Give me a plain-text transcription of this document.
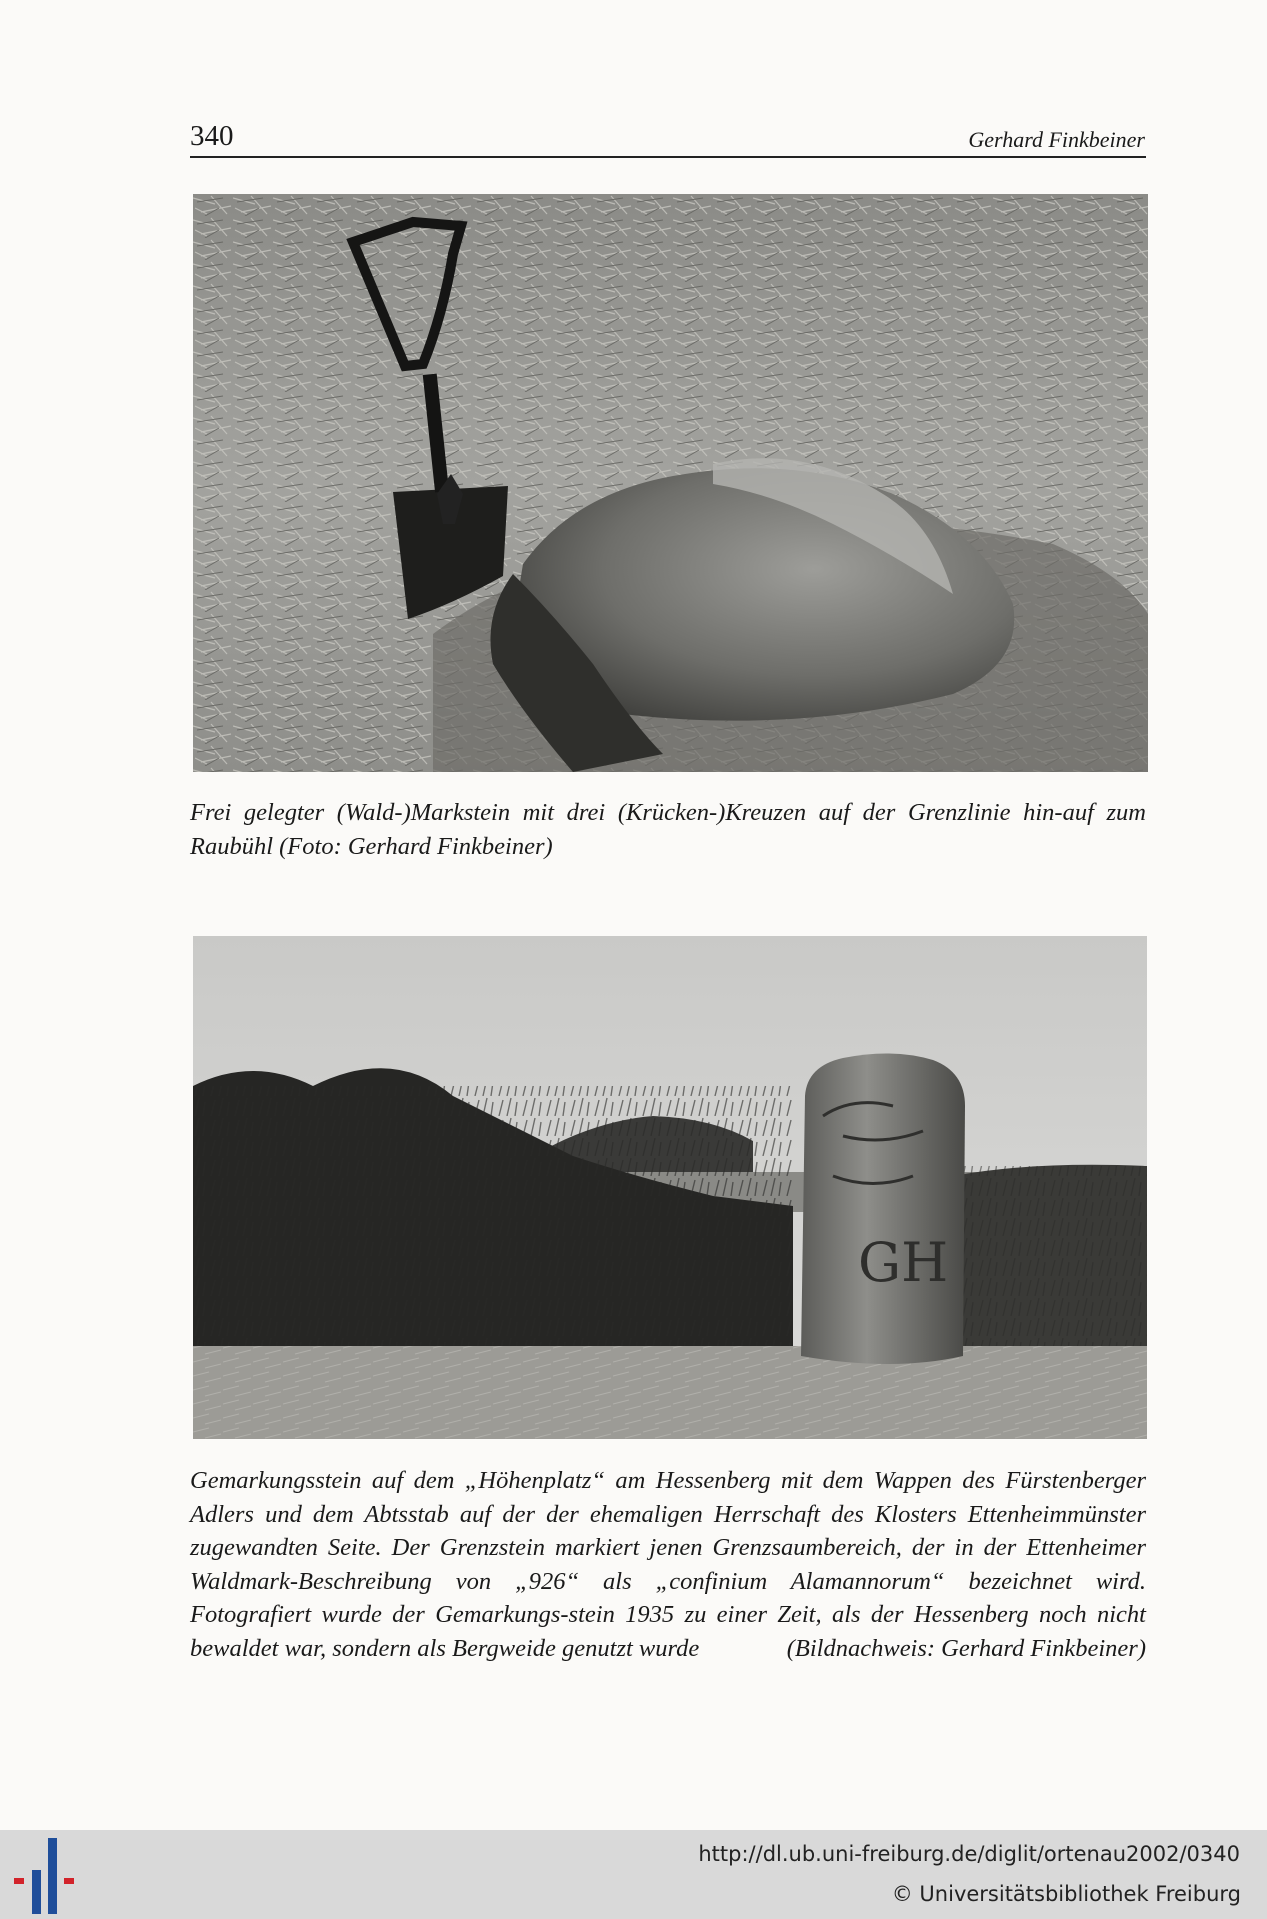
340	Gerhard Finkbeiner

Frei gelegter (Wald-)Markstein mit drei (Krücken-)Kreuzen auf der Grenzlinie hin-auf zum Raubühl (Foto: Gerhard Finkbeiner)

GH

Gemarkungsstein auf dem „Höhenplatz“ am Hessenberg mit dem Wappen des Fürstenberger Adlers und dem Abtsstab auf der der ehemaligen Herrschaft des Klosters Ettenheimmünster zugewandten Seite. Der Grenzstein markiert jenen Grenzsaumbereich, der in der Ettenheimer Waldmark-Beschreibung von „926“ als „confinium Alamannorum“ bezeichnet wird. Fotografiert wurde der Gemarkungs-stein 1935 zu einer Zeit, als der Hessenberg noch nicht bewaldet war, sondern als Bergweide genutzt wurde	(Bildnachweis: Gerhard Finkbeiner)

http://dl.ub.uni-freiburg.de/diglit/ortenau2002/0340
© Universitätsbibliothek Freiburg
